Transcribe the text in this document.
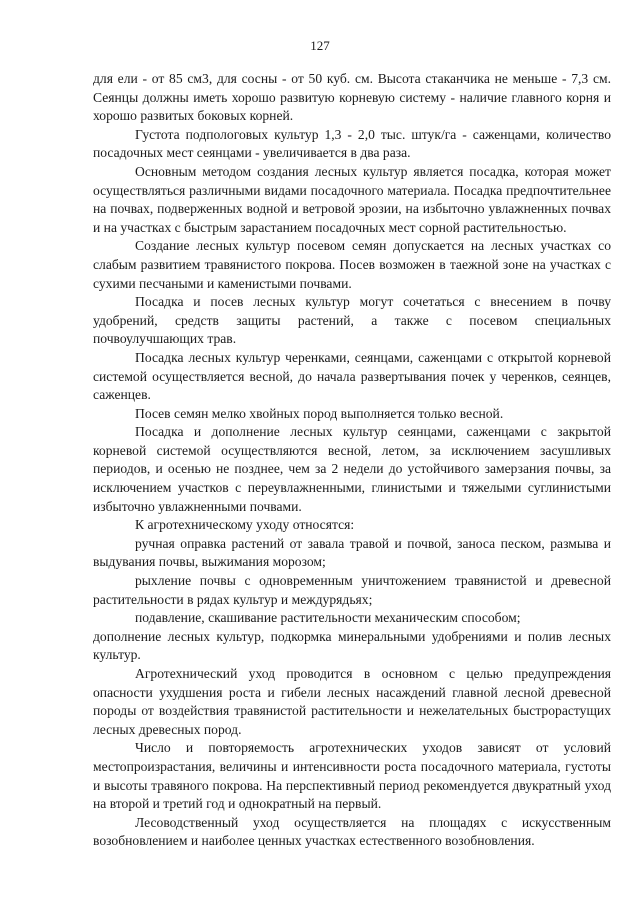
127

для ели - от 85 см3, для сосны - от 50 куб. см. Высота стаканчика не меньше - 7,3 см. Сеянцы должны иметь хорошо развитую корневую систему - наличие главного корня и хорошо развитых боковых корней.

Густота подпологовых культур 1,3 - 2,0 тыс. штук/га - саженцами, количество посадочных мест сеянцами - увеличивается в два раза.

Основным методом создания лесных культур является посадка, которая может осуществляться различными видами посадочного материала. Посадка предпочтительнее на почвах, подверженных водной и ветровой эрозии, на избыточно увлажненных почвах и на участках с быстрым зарастанием посадочных мест сорной растительностью.

Создание лесных культур посевом семян допускается на лесных участках со слабым развитием травянистого покрова. Посев возможен в таежной зоне на участках с сухими песчаными и каменистыми почвами.

Посадка и посев лесных культур могут сочетаться с внесением в почву удобрений, средств защиты растений, а также с посевом специальных почвоулучшающих трав.

Посадка лесных культур черенками, сеянцами, саженцами с открытой корневой системой осуществляется весной, до начала развертывания почек у черенков, сеянцев, саженцев.

Посев семян мелко хвойных пород выполняется только весной.

Посадка и дополнение лесных культур сеянцами, саженцами с закрытой корневой системой осуществляются весной, летом, за исключением засушливых периодов, и осенью не позднее, чем за 2 недели до устойчивого замерзания почвы, за исключением участков с переувлажненными, глинистыми и тяжелыми суглинистыми избыточно увлажненными почвами.

К агротехническому уходу относятся:

ручная оправка растений от завала травой и почвой, заноса песком, размыва и выдувания почвы, выжимания морозом;

рыхление почвы с одновременным уничтожением травянистой и древесной растительности в рядах культур и междурядьях;

подавление, скашивание растительности механическим способом;

дополнение лесных культур, подкормка минеральными удобрениями и полив лесных культур.

Агротехнический уход проводится в основном с целью предупреждения опасности ухудшения роста и гибели лесных насаждений главной лесной древесной породы от воздействия травянистой растительности и нежелательных быстрорастущих лесных древесных пород.

Число и повторяемость агротехнических уходов зависят от условий местопроизрастания, величины и интенсивности роста посадочного материала, густоты и высоты травяного покрова. На перспективный период рекомендуется двукратный уход на второй и третий год и однократный на первый.

Лесоводственный уход осуществляется на площадях с искусственным возобновлением и наиболее ценных участках естественного возобновления.
